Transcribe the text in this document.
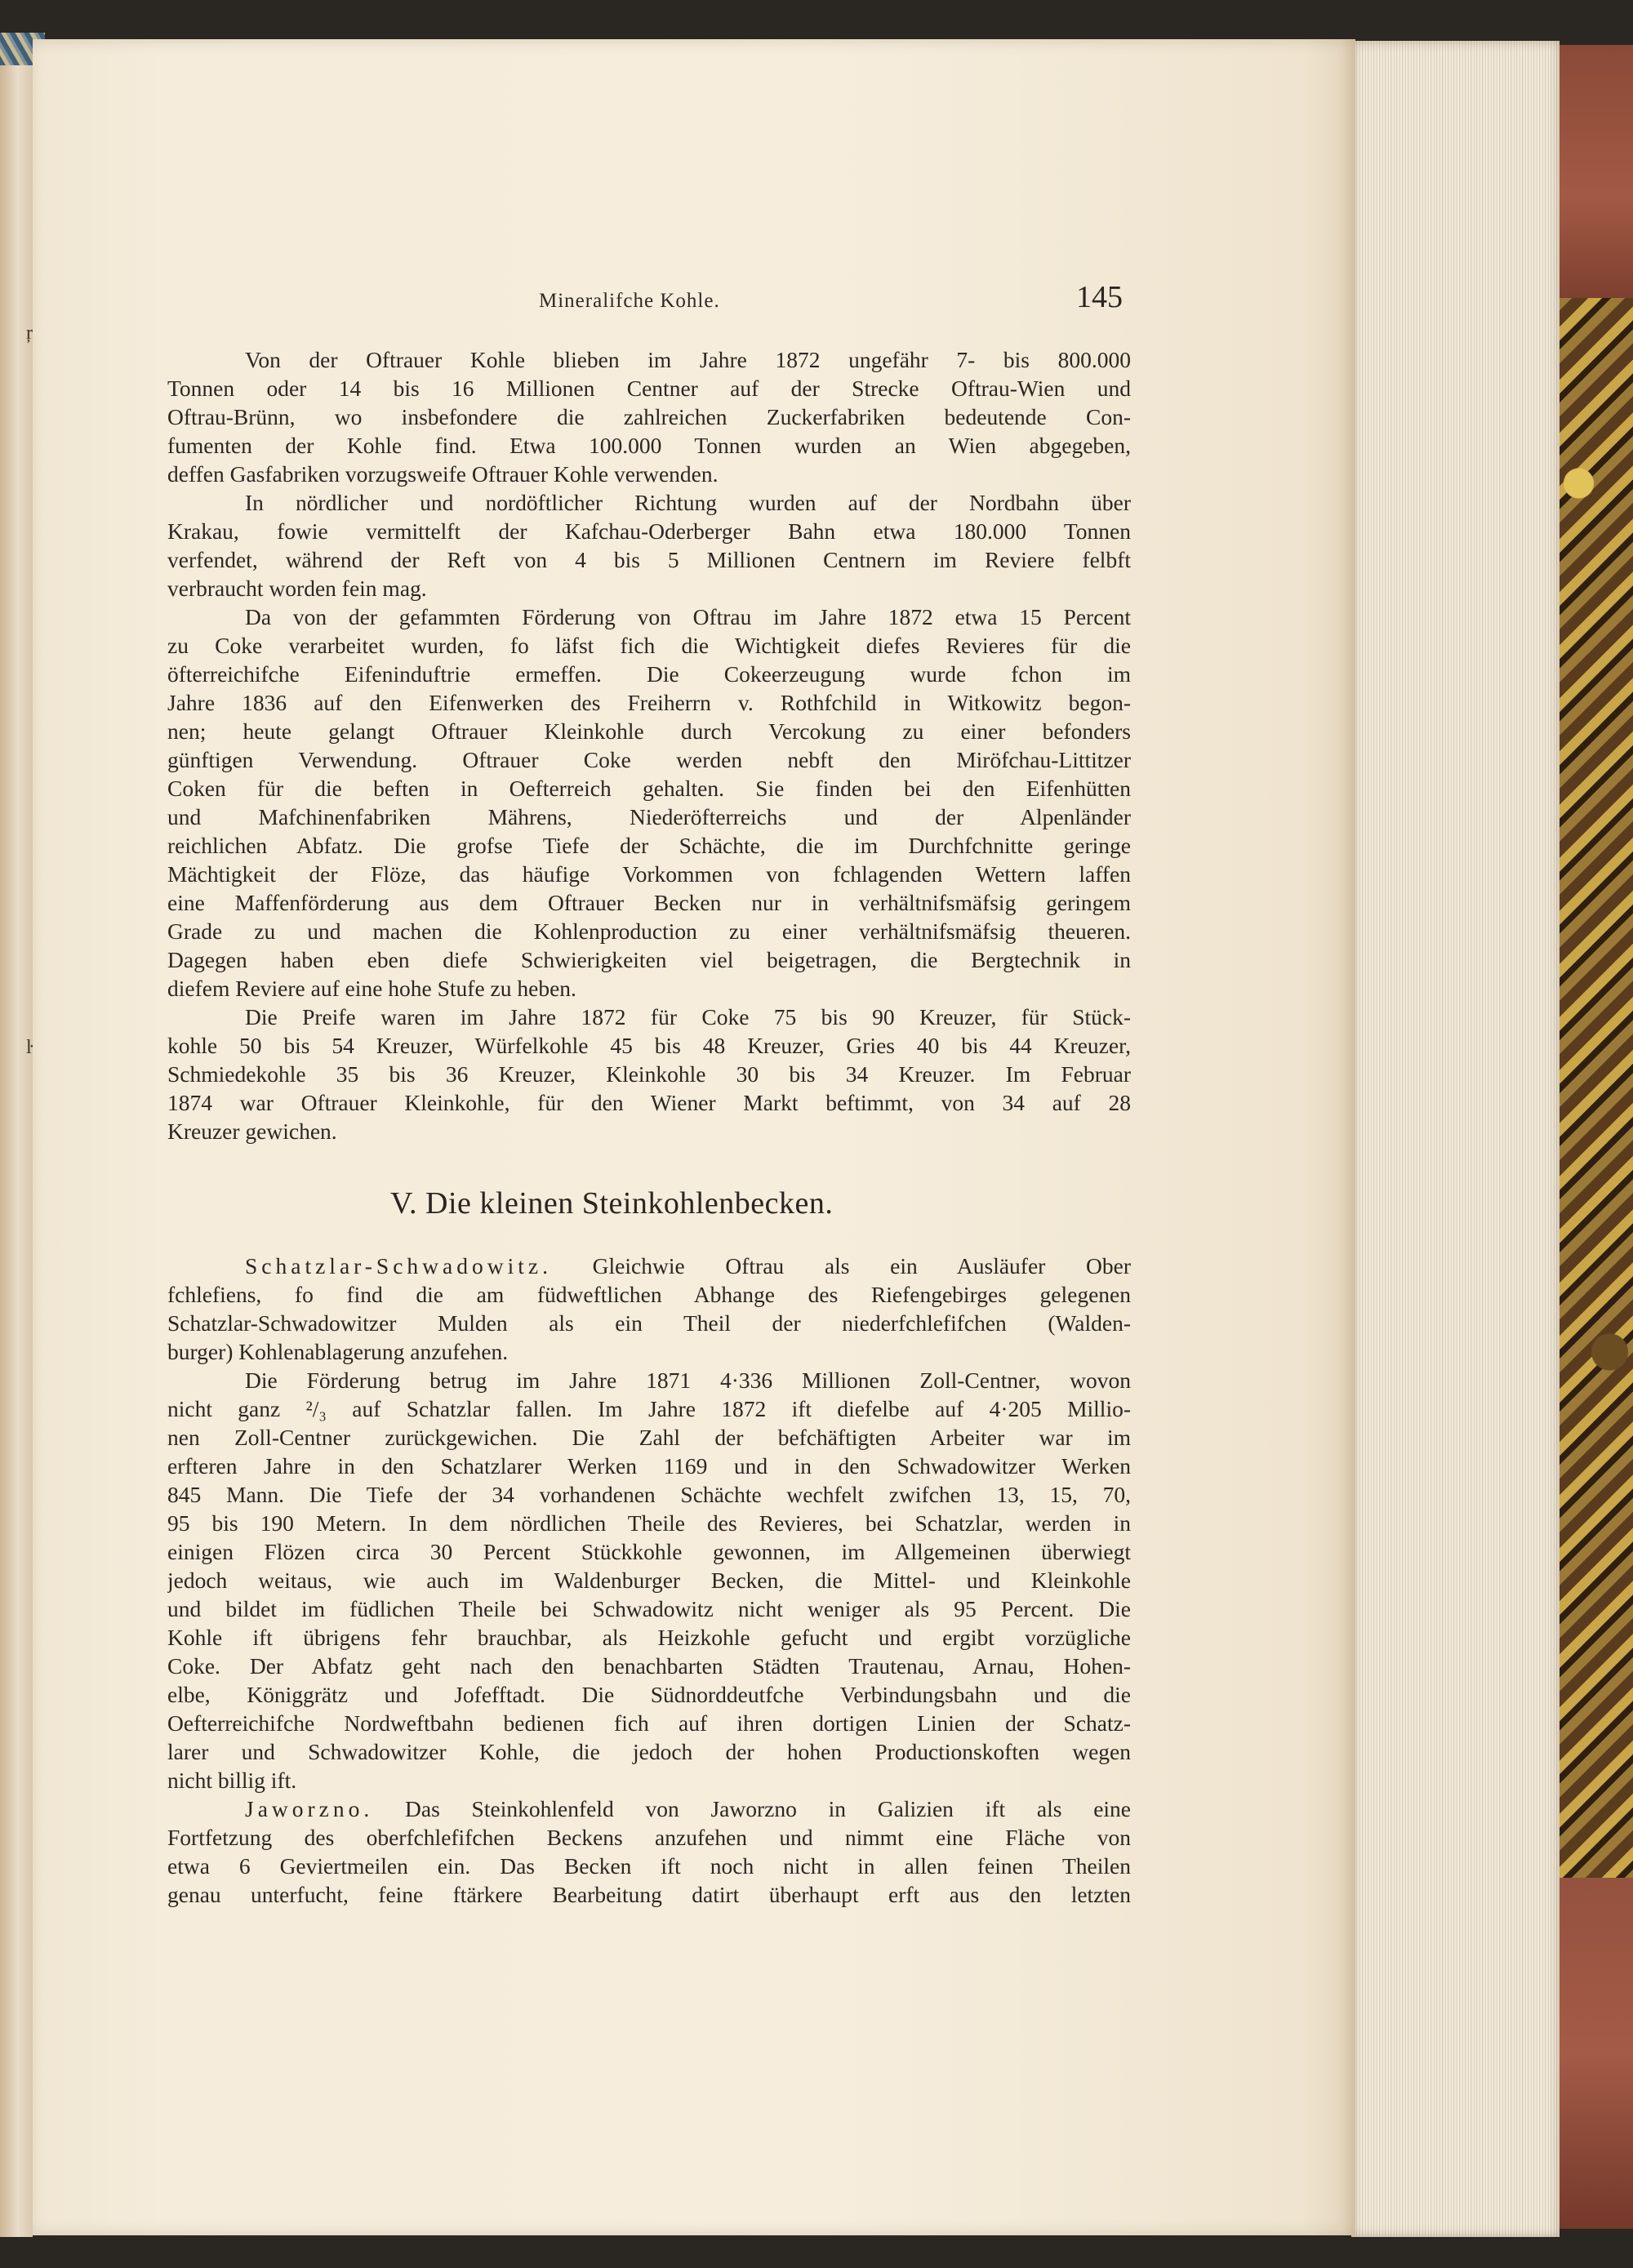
ŗ
ŀ
Mineralifche Kohle.	145
Von der Oftrauer Kohle blieben im Jahre 1872 ungefähr 7- bis 800.000
Tonnen oder 14 bis 16 Millionen Centner auf der Strecke Oftrau-Wien und
Oftrau-Brünn, wo insbefondere die zahlreichen Zuckerfabriken bedeutende Con-
fumenten der Kohle find. Etwa 100.000 Tonnen wurden an Wien abgegeben,
deffen Gasfabriken vorzugsweife Oftrauer Kohle verwenden.
In nördlicher und nordöftlicher Richtung wurden auf der Nordbahn über
Krakau, fowie vermittelft der Kafchau-Oderberger Bahn etwa 180.000 Tonnen
verfendet, während der Reft von 4 bis 5 Millionen Centnern im Reviere felbft
verbraucht worden fein mag.
Da von der gefammten Förderung von Oftrau im Jahre 1872 etwa 15 Percent
zu Coke verarbeitet wurden, fo läfst fich die Wichtigkeit diefes Revieres für die
öfterreichifche Eifeninduftrie ermeffen. Die Cokeerzeugung wurde fchon im
Jahre 1836 auf den Eifenwerken des Freiherrn v. Rothfchild in Witkowitz begon-
nen; heute gelangt Oftrauer Kleinkohle durch Vercokung zu einer befonders
günftigen Verwendung. Oftrauer Coke werden nebft den Miröfchau-Littitzer
Coken für die beften in Oefterreich gehalten. Sie finden bei den Eifenhütten
und Mafchinenfabriken Mährens, Niederöfterreichs und der Alpenländer
reichlichen Abfatz. Die grofse Tiefe der Schächte, die im Durchfchnitte geringe
Mächtigkeit der Flöze, das häufige Vorkommen von fchlagenden Wettern laffen
eine Maffenförderung aus dem Oftrauer Becken nur in verhältnifsmäfsig geringem
Grade zu und machen die Kohlenproduction zu einer verhältnifsmäfsig theueren.
Dagegen haben eben diefe Schwierigkeiten viel beigetragen, die Bergtechnik in
diefem Reviere auf eine hohe Stufe zu heben.
Die Preife waren im Jahre 1872 für Coke 75 bis 90 Kreuzer, für Stück-
kohle 50 bis 54 Kreuzer, Würfelkohle 45 bis 48 Kreuzer, Gries 40 bis 44 Kreuzer,
Schmiedekohle 35 bis 36 Kreuzer, Kleinkohle 30 bis 34 Kreuzer. Im Februar
1874 war Oftrauer Kleinkohle, für den Wiener Markt beftimmt, von 34 auf 28
Kreuzer gewichen.
V. Die kleinen Steinkohlenbecken.
Schatzlar-Schwadowitz. Gleichwie Oftrau als ein Ausläufer Ober
fchlefiens, fo find die am füdweftlichen Abhange des Riefengebirges gelegenen
Schatzlar-Schwadowitzer Mulden als ein Theil der niederfchlefifchen (Walden-
burger) Kohlenablagerung anzufehen.
Die Förderung betrug im Jahre 1871 4·336 Millionen Zoll-Centner, wovon
nicht ganz ²/₃ auf Schatzlar fallen. Im Jahre 1872 ift diefelbe auf 4·205 Millio-
nen Zoll-Centner zurückgewichen. Die Zahl der befchäftigten Arbeiter war im
erfteren Jahre in den Schatzlarer Werken 1169 und in den Schwadowitzer Werken
845 Mann. Die Tiefe der 34 vorhandenen Schächte wechfelt zwifchen 13, 15, 70,
95 bis 190 Metern. In dem nördlichen Theile des Revieres, bei Schatzlar, werden in
einigen Flözen circa 30 Percent Stückkohle gewonnen, im Allgemeinen überwiegt
jedoch weitaus, wie auch im Waldenburger Becken, die Mittel- und Kleinkohle
und bildet im füdlichen Theile bei Schwadowitz nicht weniger als 95 Percent. Die
Kohle ift übrigens fehr brauchbar, als Heizkohle gefucht und ergibt vorzügliche
Coke. Der Abfatz geht nach den benachbarten Städten Trautenau, Arnau, Hohen-
elbe, Königgrätz und Jofefftadt. Die Südnorddeutfche Verbindungsbahn und die
Oefterreichifche Nordweftbahn bedienen fich auf ihren dortigen Linien der Schatz-
larer und Schwadowitzer Kohle, die jedoch der hohen Productionskoften wegen
nicht billig ift.
Jaworzno. Das Steinkohlenfeld von Jaworzno in Galizien ift als eine
Fortfetzung des oberfchlefifchen Beckens anzufehen und nimmt eine Fläche von
etwa 6 Geviertmeilen ein. Das Becken ift noch nicht in allen feinen Theilen
genau unterfucht, feine ftärkere Bearbeitung datirt überhaupt erft aus den letzten
